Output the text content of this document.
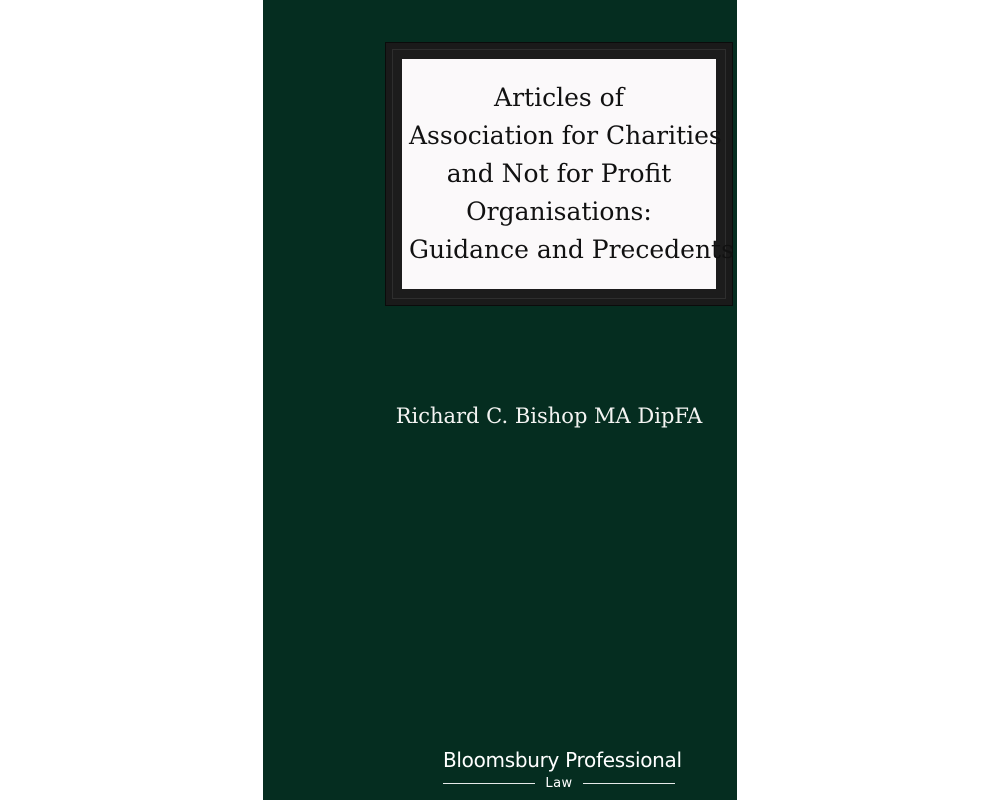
Articles of
Association for Charities
and Not for Profit
Organisations:
Guidance and Precedents

Richard C. Bishop MA DipFA
Bloomsbury Professional
Law
